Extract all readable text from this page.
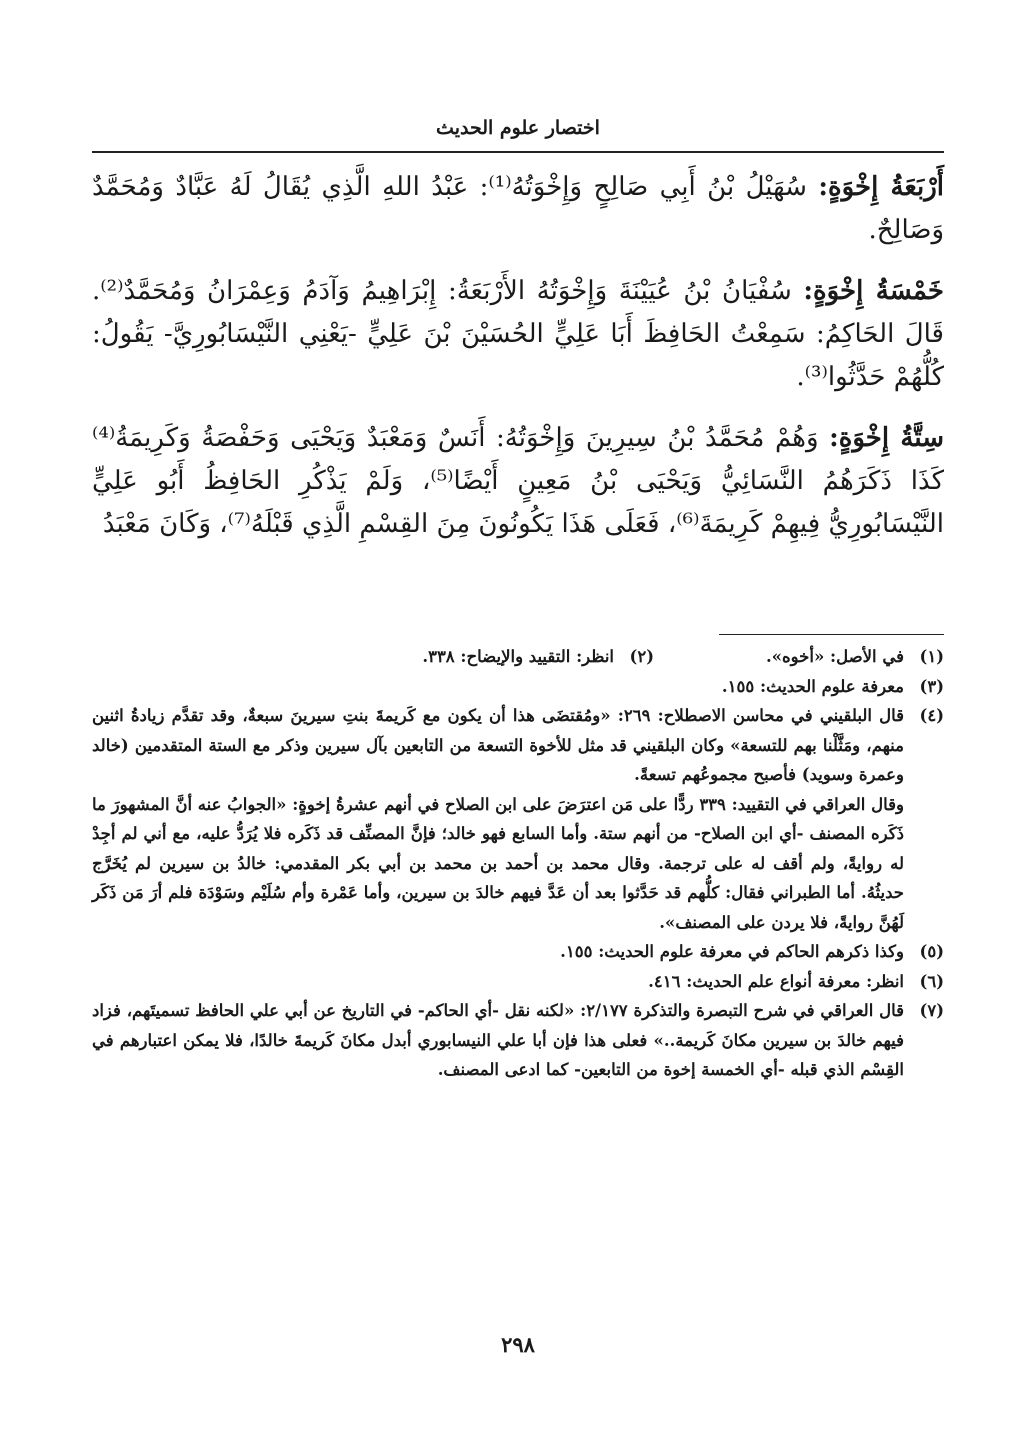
اختصار علوم الحديث

أَرْبَعَةُ إِخْوَةٍ: سُهَيْلُ بْنُ أَبِي صَالِحٍ وَإِخْوَتُهُ⁽¹⁾: عَبْدُ اللهِ الَّذِي يُقَالُ لَهُ عَبَّادٌ وَمُحَمَّدٌ وَصَالِحٌ.

خَمْسَةُ إِخْوَةٍ: سُفْيَانُ بْنُ عُيَيْنَةَ وَإِخْوَتُهُ الأَرْبَعَةُ: إِبْرَاهِيمُ وَآدَمُ وَعِمْرَانُ وَمُحَمَّدٌ⁽²⁾. قَالَ الحَاكِمُ: سَمِعْتُ الحَافِظَ أَبَا عَلِيٍّ الحُسَيْنَ بْنَ عَلِيٍّ -يَعْنِي النَّيْسَابُورِيَّ- يَقُولُ: كُلُّهُمْ حَدَّثُوا⁽³⁾.

سِتَّةُ إِخْوَةٍ: وَهُمْ مُحَمَّدُ بْنُ سِيرِينَ وَإِخْوَتُهُ: أَنَسٌ وَمَعْبَدٌ وَيَحْيَى وَحَفْصَةُ وَكَرِيمَةُ⁽⁴⁾ كَذَا ذَكَرَهُمُ النَّسَائِيُّ وَيَحْيَى بْنُ مَعِينٍ أَيْضًا⁽⁵⁾، وَلَمْ يَذْكُرِ الحَافِظُ أَبُو عَلِيٍّ النَّيْسَابُورِيُّ فِيهِمْ كَرِيمَةَ⁽⁶⁾، فَعَلَى هَذَا يَكُونُونَ مِنَ القِسْمِ الَّذِي قَبْلَهُ⁽⁷⁾، وَكَانَ مَعْبَدُ

(١)
في الأصل: «أخوه».
(٢)
انظر: التقييد والإيضاح: ٣٣٨.
(٣)

معرفة علوم الحديث: ١٥٥.

(٤)

قال البلقيني في محاسن الاصطلاح: ٢٦٩: «ومُقتضَى هذا أن يكون مع كَريمةَ بنتِ سيرينَ سبعةٌ، وقد تقدَّم زيادةُ اثنين منهم، ومَثَّلْنا بهم للتسعة» وكان البلقيني قد مثل للأخوة التسعة من التابعين بآل سيرين وذكر مع الستة المتقدمين (خالد وعمرة وسويد) فأصبح مجموعُهم تسعةً.

وقال العراقي في التقييد: ٣٣٩ ردًّا على مَن اعترَضَ على ابن الصلاح في أنهم عشرةُ إخوةٍ: «الجوابُ عنه أنَّ المشهورَ ما ذَكَره المصنف -أي ابن الصلاح- من أنهم ستة. وأما السابع فهو خالد؛ فإنَّ المصنِّف قد ذَكَره فلا يُرَدُّ عليه، مع أني لم أجِدْ له روايةً، ولم أقف له على ترجمة. وقال محمد بن أحمد بن محمد بن أبي بكر المقدمي: خالدُ بن سيرين لم يُخَرَّج حديثُهُ. أما الطبراني فقال: كلُّهم قد حَدَّثوا بعد أن عَدَّ فيهم خالدَ بن سيرين، وأما عَمْرة وأم سُلَيْم وسَوْدَة فلم أرَ مَن ذَكَر لَهُنَّ روايةً، فلا يردن على المصنف».

(٥)

وكذا ذكرهم الحاكم في معرفة علوم الحديث: ١٥٥.

(٦)

انظر: معرفة أنواع علم الحديث: ٤١٦.

(٧)

قال العراقي في شرح التبصرة والتذكرة ٢/١٧٧: «لكنه نقل -أي الحاكم- في التاريخ عن أبي علي الحافظ تسميتَهم، فزاد فيهم خالدَ بن سيرين مكانَ كَريمة..» فعلى هذا فإن أبا علي النيسابوري أبدل مكانَ كَريمةَ خالدًا، فلا يمكن اعتبارهم في القِسْم الذي قبله -أي الخمسة إخوة من التابعين- كما ادعى المصنف.

٢٩٨
